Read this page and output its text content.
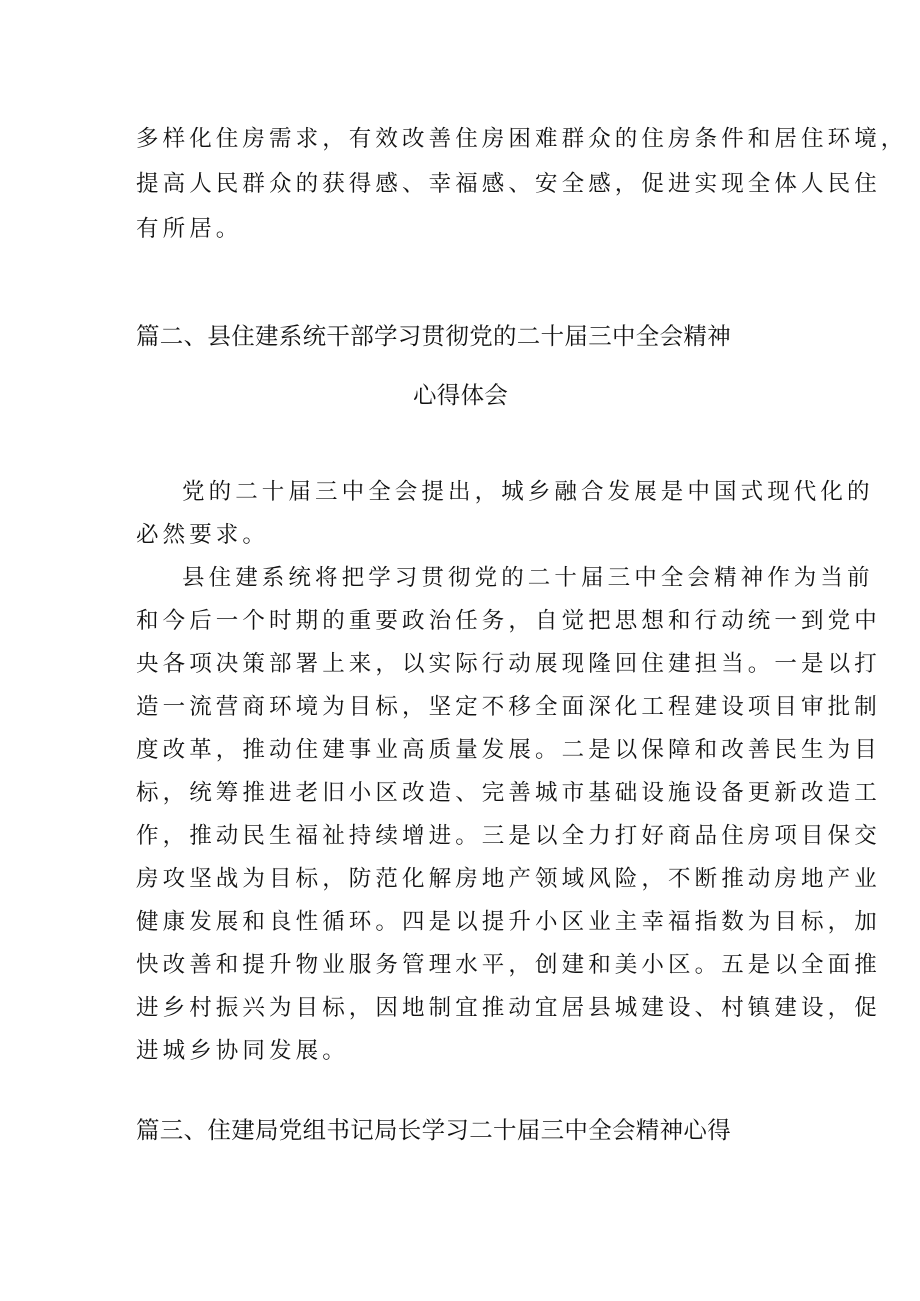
多样化住房需求，有效改善住房困难群众的住房条件和居住环境，
提高人民群众的获得感、幸福感、安全感，促进实现全体人民住
有所居。
篇二、县住建系统干部学习贯彻党的二十届三中全会精神
心得体会
党的二十届三中全会提出，城乡融合发展是中国式现代化的
必然要求。
县住建系统将把学习贯彻党的二十届三中全会精神作为当前
和今后一个时期的重要政治任务，自觉把思想和行动统一到党中
央各项决策部署上来，以实际行动展现隆回住建担当。一是以打
造一流营商环境为目标，坚定不移全面深化工程建设项目审批制
度改革，推动住建事业高质量发展。二是以保障和改善民生为目
标，统筹推进老旧小区改造、完善城市基础设施设备更新改造工
作，推动民生福祉持续增进。三是以全力打好商品住房项目保交
房攻坚战为目标，防范化解房地产领域风险，不断推动房地产业
健康发展和良性循环。四是以提升小区业主幸福指数为目标，加
快改善和提升物业服务管理水平，创建和美小区。五是以全面推
进乡村振兴为目标，因地制宜推动宜居县城建设、村镇建设，促
进城乡协同发展。
篇三、住建局党组书记局长学习二十届三中全会精神心得
